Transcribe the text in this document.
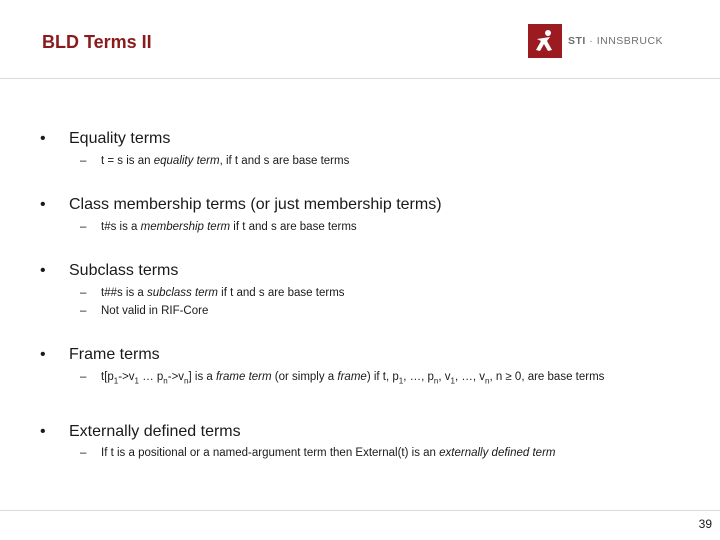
BLD Terms II	STI · INNSBRUCK
• Equality terms
– t = s is an equality term, if t and s are base terms
• Class membership terms (or just membership terms)
– t#s is a membership term if t and s are base terms
• Subclass terms
– t##s is a subclass term if t and s are base terms
– Not valid in RIF-Core
• Frame terms
– $t[p_1->v_1$ … $p_n->v_n$] is a frame term (or simply a frame) if t, $p_1$, …, $p_n$, $v_1$, …, $v_n$, n ≥ 0, are base terms
• Externally defined terms
– If t is a positional or a named-argument term then External(t) is an externally defined term
39
